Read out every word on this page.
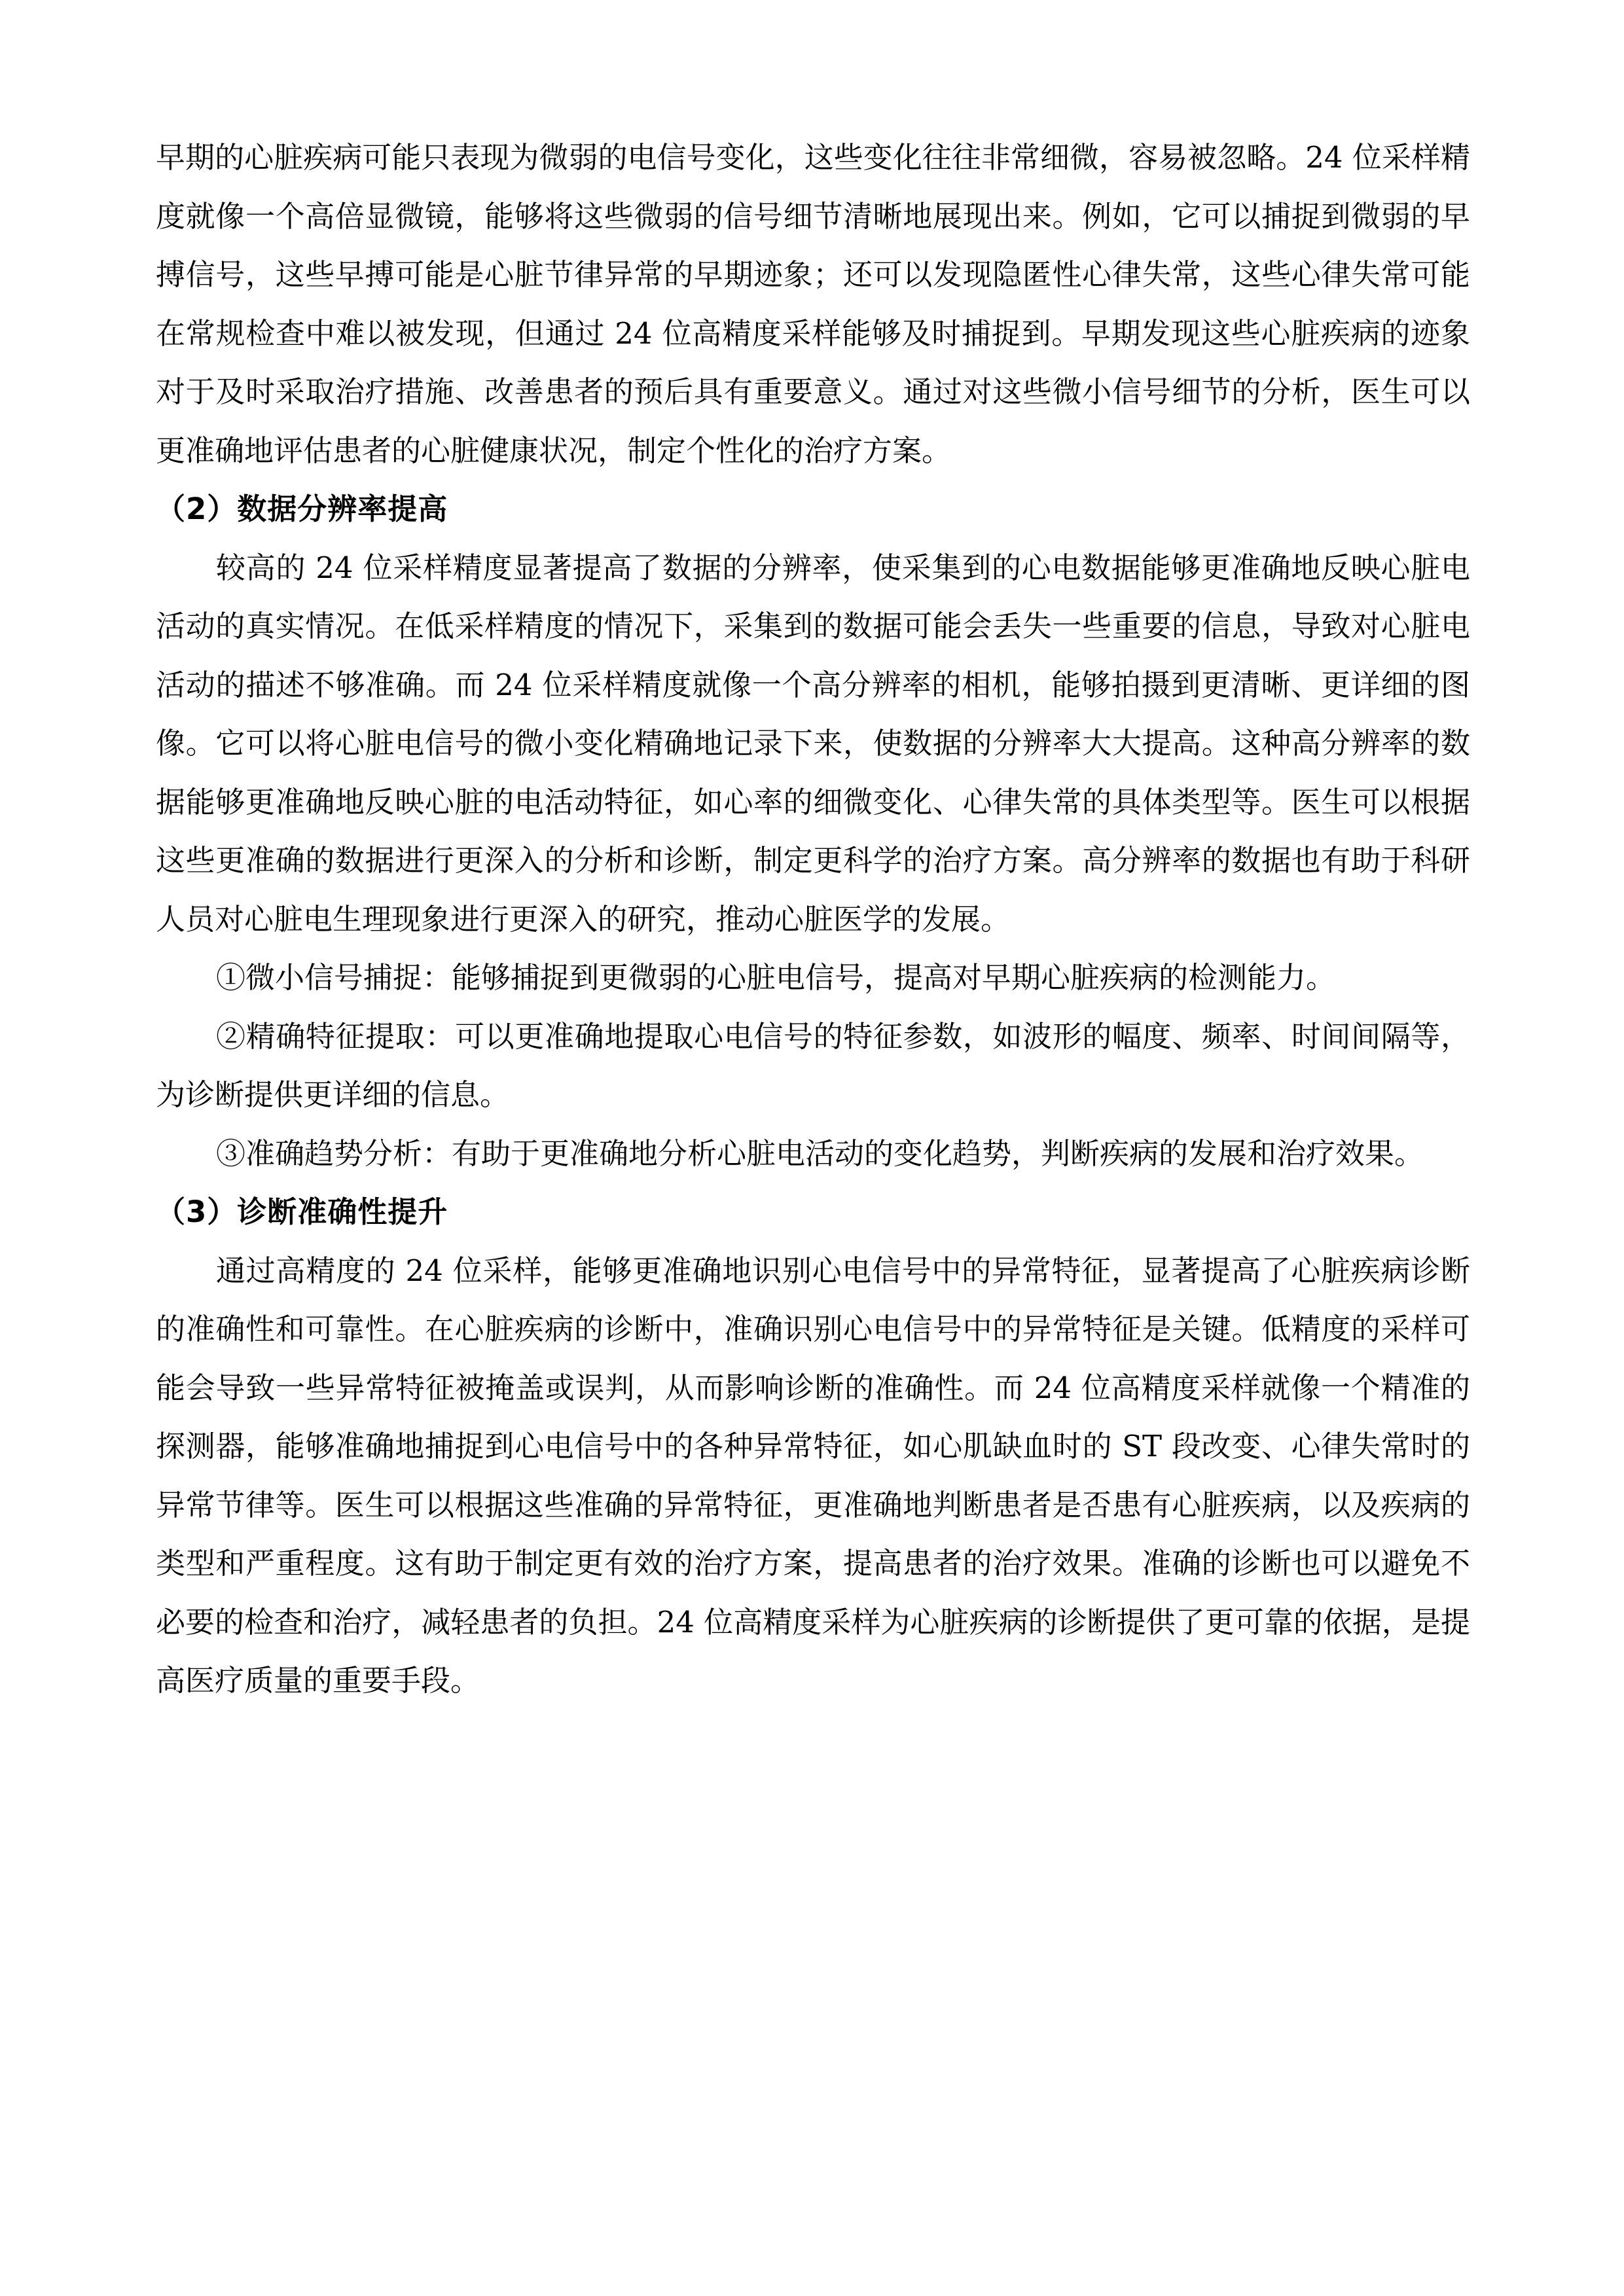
早期的心脏疾病可能只表现为微弱的电信号变化，这些变化往往非常细微，容易被忽略。24 位采样精度就像一个高倍显微镜，能够将这些微弱的信号细节清晰地展现出来。例如，它可以捕捉到微弱的早搏信号，这些早搏可能是心脏节律异常的早期迹象；还可以发现隐匿性心律失常，这些心律失常可能在常规检查中难以被发现，但通过 24 位高精度采样能够及时捕捉到。早期发现这些心脏疾病的迹象对于及时采取治疗措施、改善患者的预后具有重要意义。通过对这些微小信号细节的分析，医生可以更准确地评估患者的心脏健康状况，制定个性化的治疗方案。

（2）数据分辨率提高

较高的 24 位采样精度显著提高了数据的分辨率，使采集到的心电数据能够更准确地反映心脏电活动的真实情况。在低采样精度的情况下，采集到的数据可能会丢失一些重要的信息，导致对心脏电活动的描述不够准确。而 24 位采样精度就像一个高分辨率的相机，能够拍摄到更清晰、更详细的图像。它可以将心脏电信号的微小变化精确地记录下来，使数据的分辨率大大提高。这种高分辨率的数据能够更准确地反映心脏的电活动特征，如心率的细微变化、心律失常的具体类型等。医生可以根据这些更准确的数据进行更深入的分析和诊断，制定更科学的治疗方案。高分辨率的数据也有助于科研人员对心脏电生理现象进行更深入的研究，推动心脏医学的发展。

①微小信号捕捉：能够捕捉到更微弱的心脏电信号，提高对早期心脏疾病的检测能力。

②精确特征提取：可以更准确地提取心电信号的特征参数，如波形的幅度、频率、时间间隔等，为诊断提供更详细的信息。

③准确趋势分析：有助于更准确地分析心脏电活动的变化趋势，判断疾病的发展和治疗效果。

（3）诊断准确性提升

通过高精度的 24 位采样，能够更准确地识别心电信号中的异常特征，显著提高了心脏疾病诊断的准确性和可靠性。在心脏疾病的诊断中，准确识别心电信号中的异常特征是关键。低精度的采样可能会导致一些异常特征被掩盖或误判，从而影响诊断的准确性。而 24 位高精度采样就像一个精准的探测器，能够准确地捕捉到心电信号中的各种异常特征，如心肌缺血时的 ST 段改变、心律失常时的异常节律等。医生可以根据这些准确的异常特征，更准确地判断患者是否患有心脏疾病，以及疾病的类型和严重程度。这有助于制定更有效的治疗方案，提高患者的治疗效果。准确的诊断也可以避免不必要的检查和治疗，减轻患者的负担。24 位高精度采样为心脏疾病的诊断提供了更可靠的依据，是提高医疗质量的重要手段。
